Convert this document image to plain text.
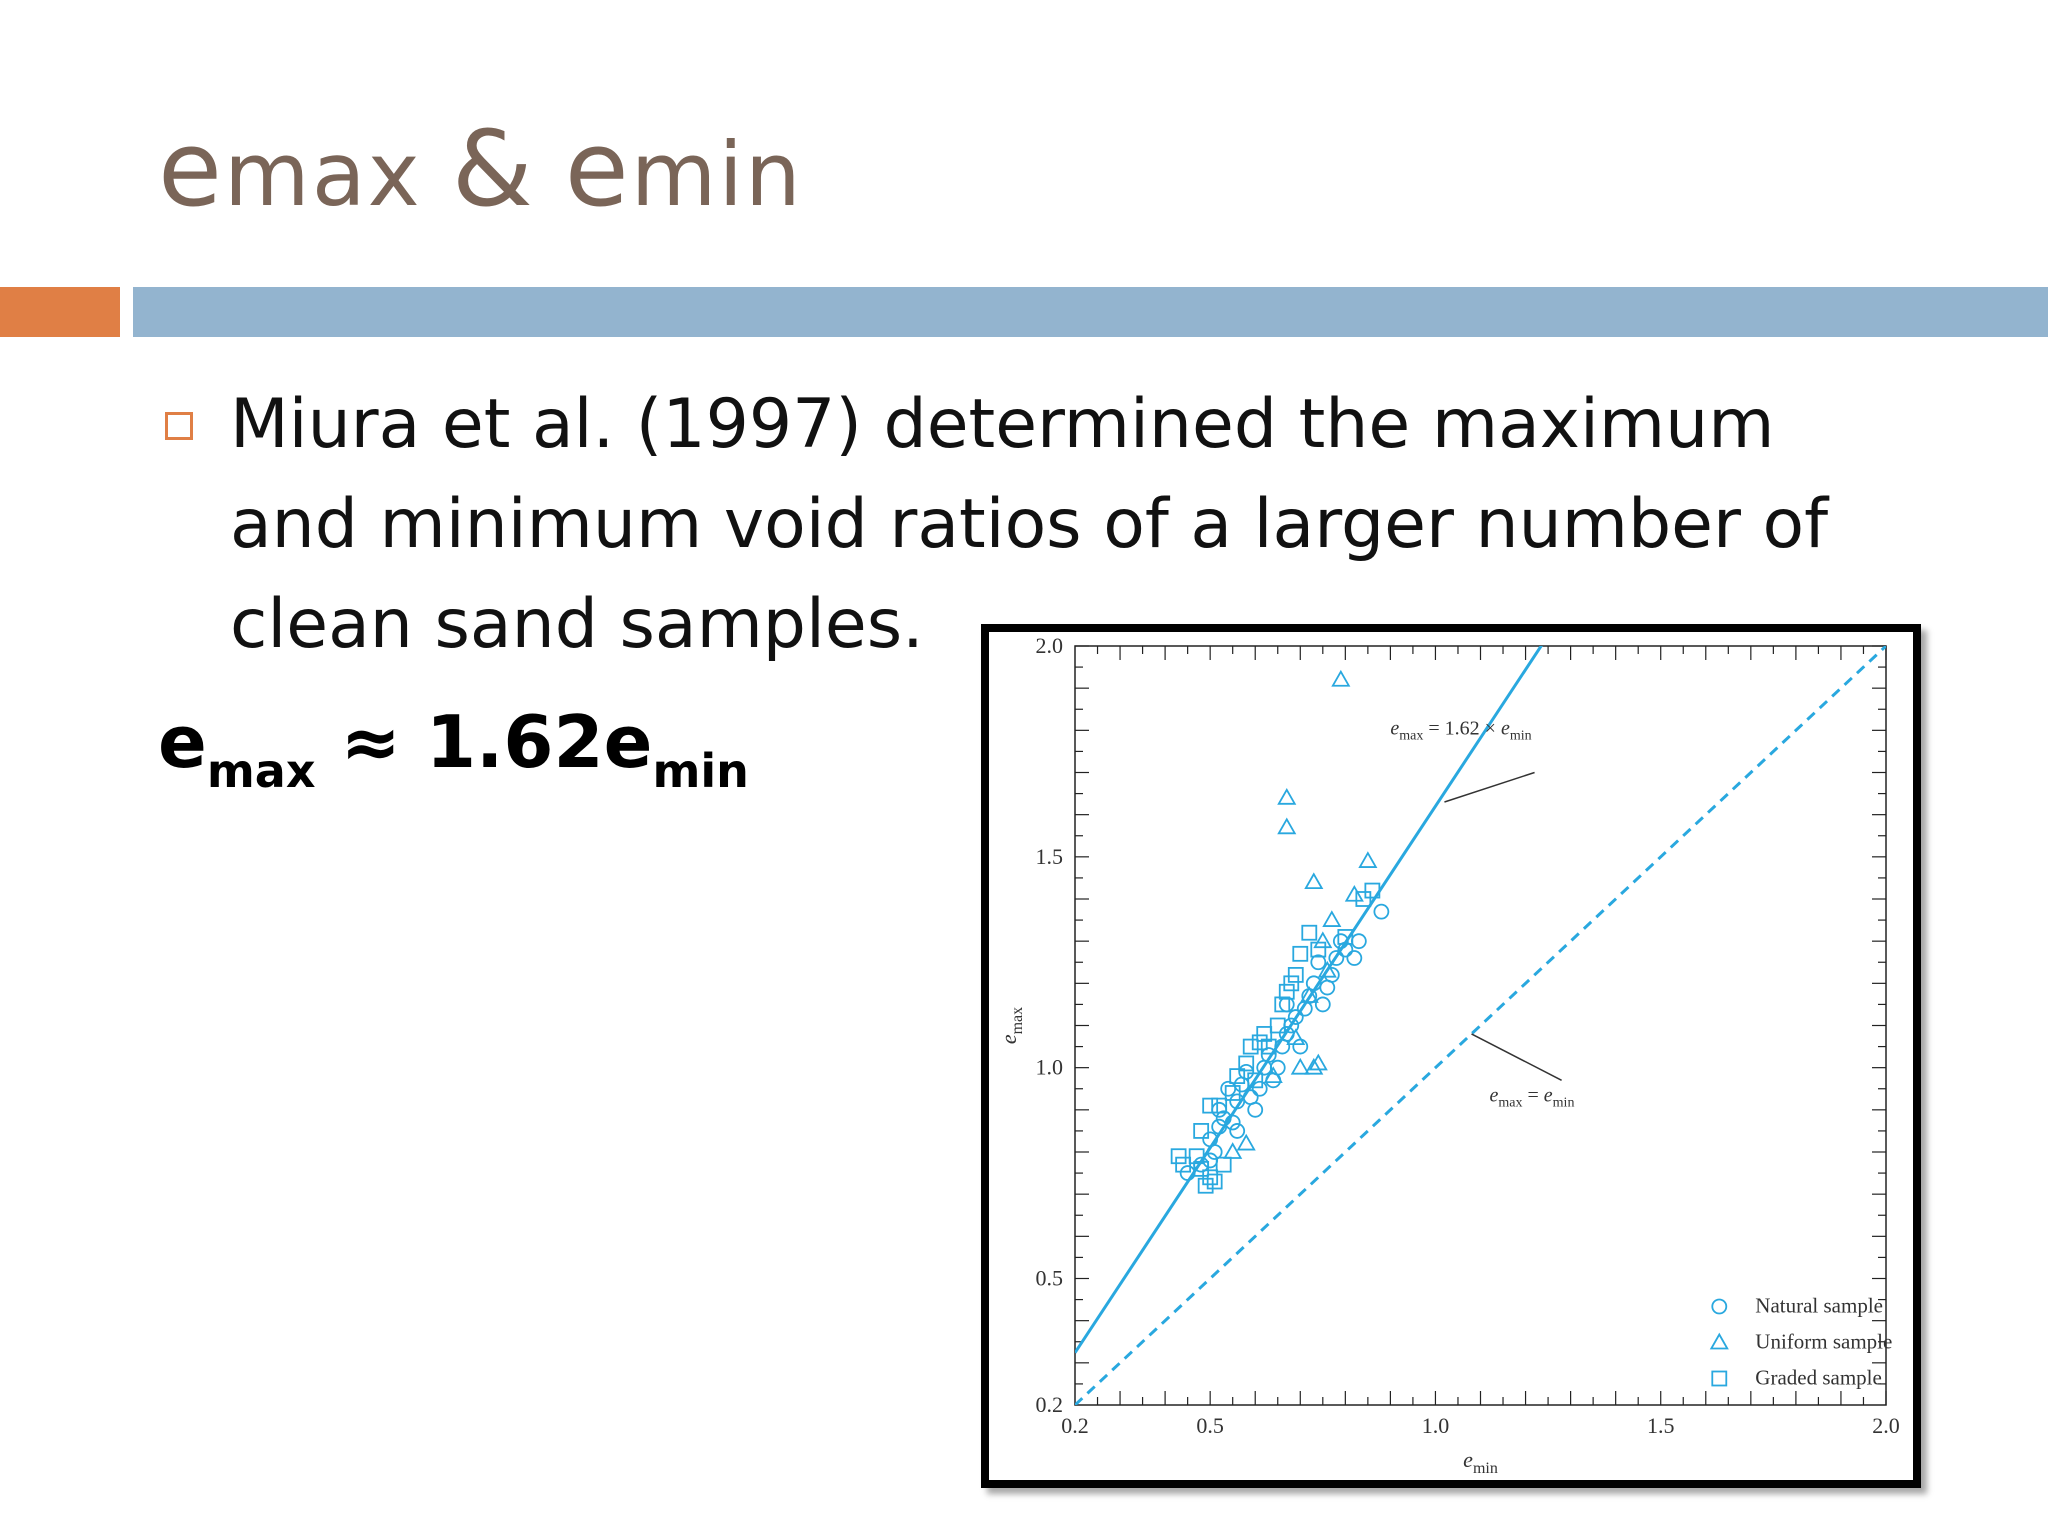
emax & emin

Miura et al. (1997) determined the maximum and minimum void ratios of a larger number of clean sand samples.

$e_{max} \approx 1.62e_{min}$
0.2	0.5	1.0	1.5	2.0
0.2
0.5
1.0
1.5
2.0
$e_{min}$
$e_{max}$
$e_{max} = 1.62 \times e_{min}$
$e_{max} = e_{min}$
Natural sample
Uniform sample
Graded sample
